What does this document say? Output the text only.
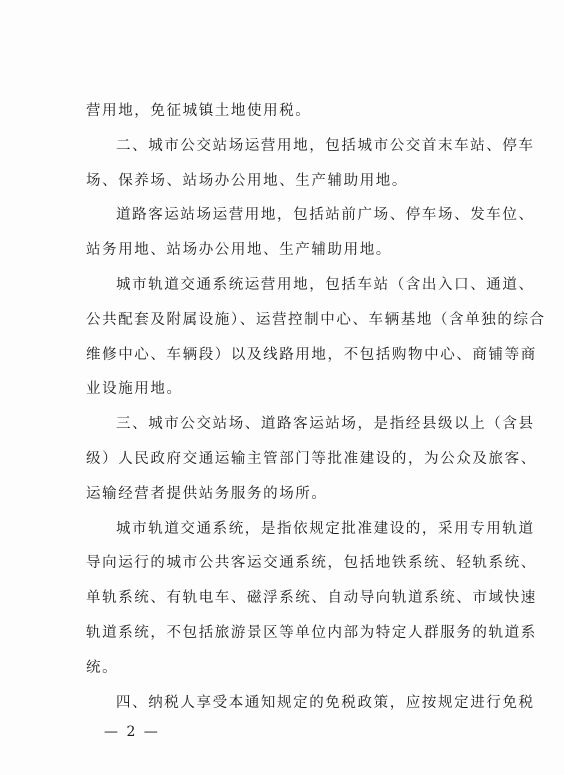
营用地，免征城镇土地使用税。
二、城市公交站场运营用地，包括城市公交首末车站、停车
场、保养场、站场办公用地、生产辅助用地。
道路客运站场运营用地，包括站前广场、停车场、发车位、
站务用地、站场办公用地、生产辅助用地。
城市轨道交通系统运营用地，包括车站（含出入口、通道、
公共配套及附属设施）、运营控制中心、车辆基地（含单独的综合
维修中心、车辆段）以及线路用地，不包括购物中心、商铺等商
业设施用地。
三、城市公交站场、道路客运站场，是指经县级以上（含县
级）人民政府交通运输主管部门等批准建设的，为公众及旅客、
运输经营者提供站务服务的场所。
城市轨道交通系统，是指依规定批准建设的，采用专用轨道
导向运行的城市公共客运交通系统，包括地铁系统、轻轨系统、
单轨系统、有轨电车、磁浮系统、自动导向轨道系统、市域快速
轨道系统，不包括旅游景区等单位内部为特定人群服务的轨道系
统。
四、纳税人享受本通知规定的免税政策，应按规定进行免税
— 2 —
